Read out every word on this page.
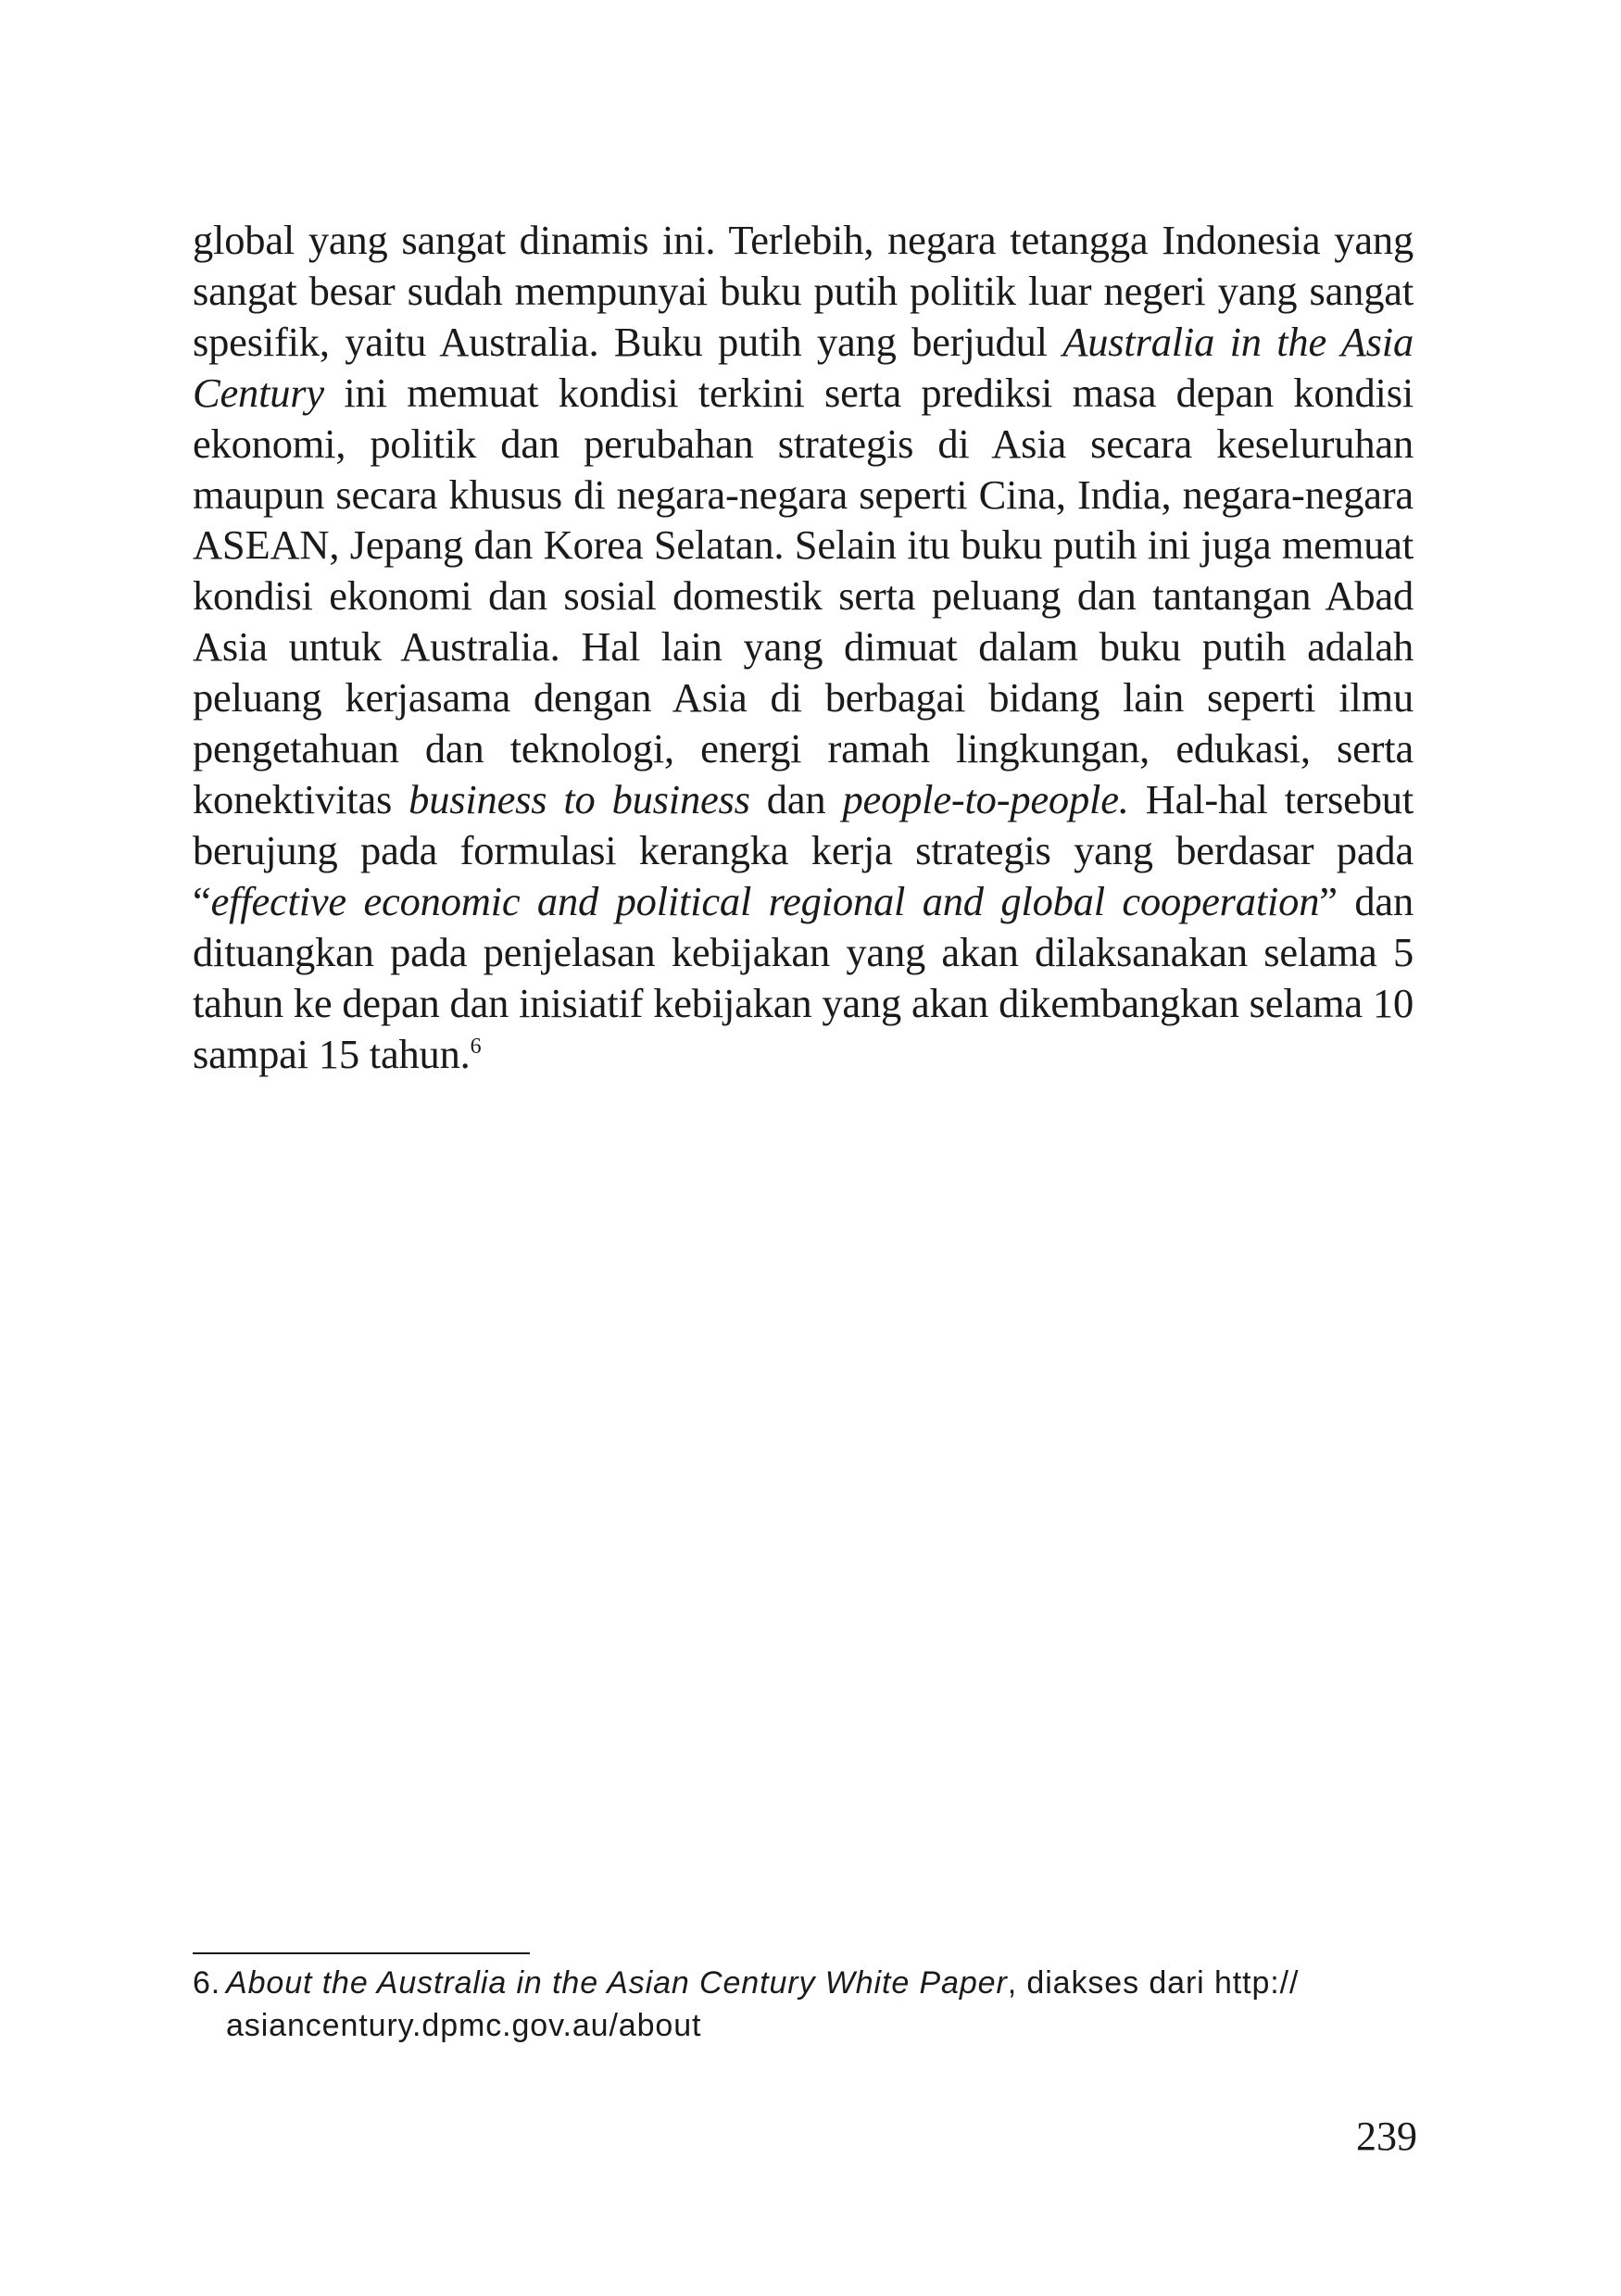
global yang sangat dinamis ini. Terlebih, negara tetangga Indonesia yang sangat besar sudah mempunyai buku putih politik luar negeri yang sangat spesifik, yaitu Australia. Buku putih yang berjudul Australia in the Asia Century ini memuat kondisi terkini serta prediksi masa depan kondisi ekonomi, politik dan perubahan strategis di Asia secara keseluruhan maupun secara khusus di negara-negara seperti Cina, India, negara-negara ASEAN, Jepang dan Korea Selatan. Selain itu buku putih ini juga memuat kondisi ekonomi dan sosial domestik serta peluang dan tantangan Abad Asia untuk Australia. Hal lain yang dimuat dalam buku putih adalah peluang kerjasama dengan Asia di berbagai bidang lain seperti ilmu pengetahuan dan teknologi, energi ramah lingkungan, edukasi, serta konektivitas business to business dan people-to-people. Hal-hal tersebut berujung pada formulasi kerangka kerja strategis yang berdasar pada “effective economic and political regional and global cooperation” dan dituangkan pada penjelasan kebijakan yang akan dilaksanakan selama 5 tahun ke depan dan inisiatif kebijakan yang akan dikembangkan selama 10 sampai 15 tahun.$^6$

6. About the Australia in the Asian Century White Paper, diakses dari http://
asiancentury.dpmc.gov.au/about
239
